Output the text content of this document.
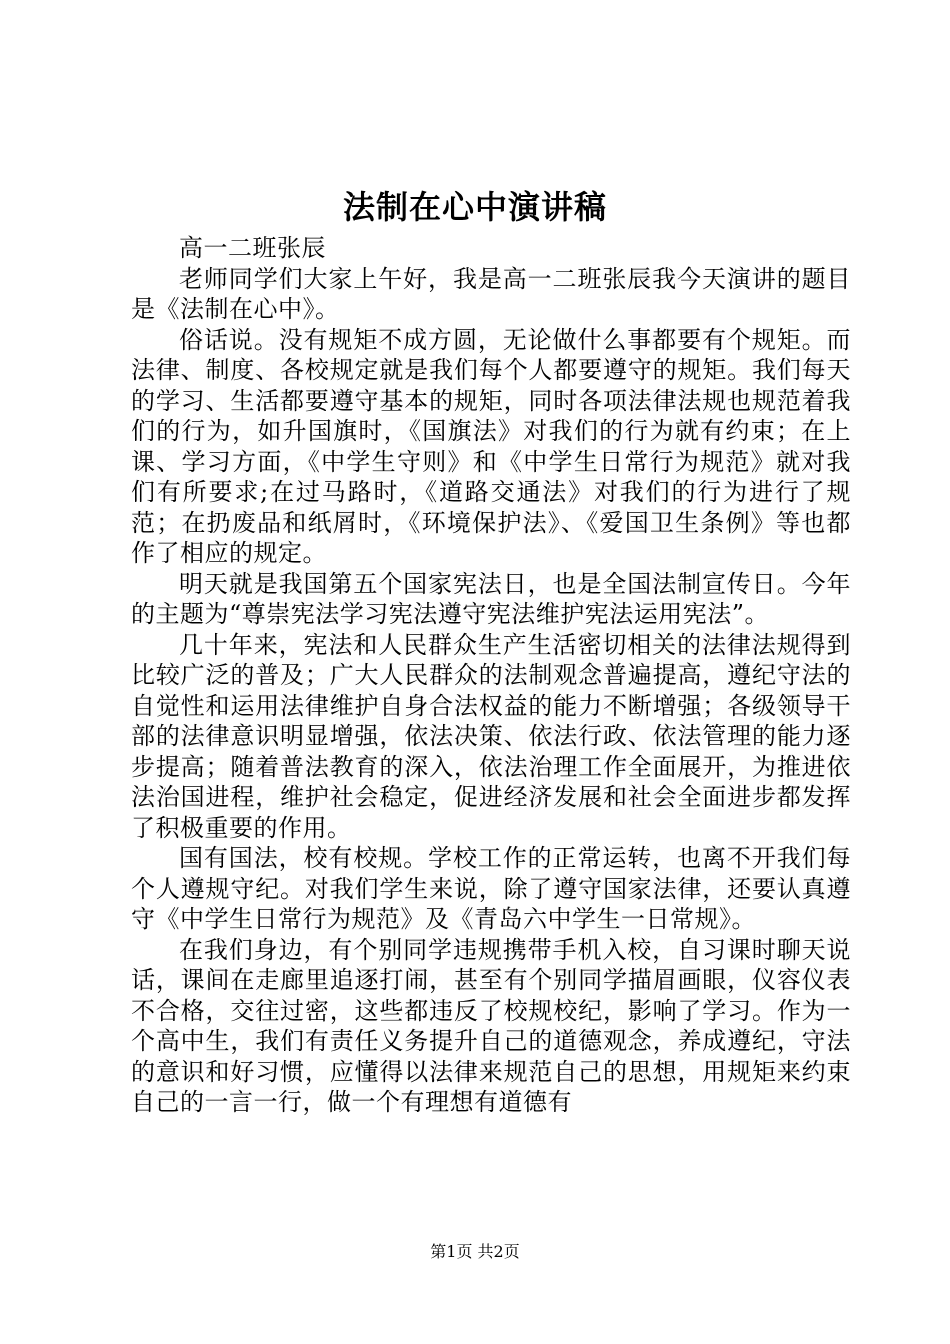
法制在心中演讲稿

高一二班张辰

老师同学们大家上午好，我是高一二班张辰我今天演讲的题目是《法制在心中》。

俗话说。没有规矩不成方圆，无论做什么事都要有个规矩。而法律、制度、各校规定就是我们每个人都要遵守的规矩。我们每天的学习、生活都要遵守基本的规矩，同时各项法律法规也规范着我们的行为，如升国旗时，《国旗法》对我们的行为就有约束；在上课、学习方面，《中学生守则》和《中学生日常行为规范》就对我们有所要求;在过马路时，《道路交通法》对我们的行为进行了规范；在扔废品和纸屑时，《环境保护法》、《爱国卫生条例》等也都作了相应的规定。

明天就是我国第五个国家宪法日，也是全国法制宣传日。今年的主题为“尊崇宪法学习宪法遵守宪法维护宪法运用宪法”。

几十年来，宪法和人民群众生产生活密切相关的法律法规得到比较广泛的普及；广大人民群众的法制观念普遍提高，遵纪守法的自觉性和运用法律维护自身合法权益的能力不断增强；各级领导干部的法律意识明显增强，依法决策、依法行政、依法管理的能力逐步提高；随着普法教育的深入，依法治理工作全面展开，为推进依法治国进程，维护社会稳定，促进经济发展和社会全面进步都发挥了积极重要的作用。

国有国法，校有校规。学校工作的正常运转，也离不开我们每个人遵规守纪。对我们学生来说，除了遵守国家法律，还要认真遵守《中学生日常行为规范》及《青岛六中学生一日常规》。

在我们身边，有个别同学违规携带手机入校，自习课时聊天说话，课间在走廊里追逐打闹，甚至有个别同学描眉画眼，仪容仪表不合格，交往过密，这些都违反了校规校纪，影响了学习。作为一个高中生，我们有责任义务提升自己的道德观念，养成遵纪，守法的意识和好习惯，应懂得以法律来规范自己的思想，用规矩来约束自己的一言一行，做一个有理想有道德有

第1页 共2页
